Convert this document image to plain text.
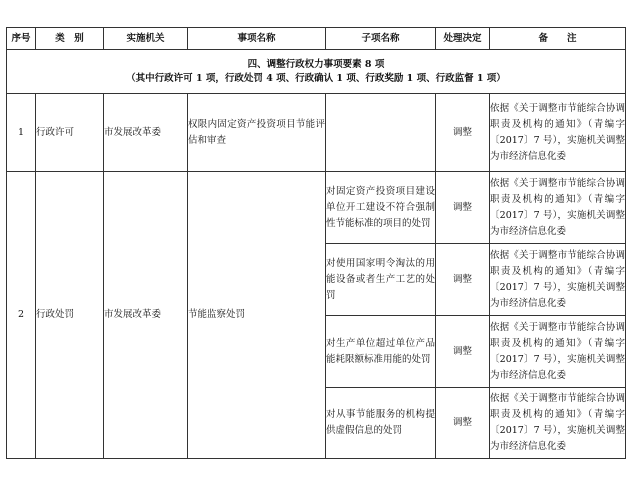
序号	类　别	实施机关	事项名称	子项名称	处理决定	备　　注

四、调整行政权力事项要素 8 项
（其中行政许可 1 项，行政处罚 4 项、行政确认 1 项、行政奖励 1 项、行政监督 1 项）						

1	行政许可	市发展改革委	权限内固定资产投资项目节能评估和审查		调整	依据《关于调整市节能综合协调职责及机构的通知》（青编字〔2017〕7 号），实施机关调整为市经济信息化委
2	行政处罚	市发展改革委	节能监察处罚	对固定资产投资项目建设单位开工建设不符合强制性节能标准的项目的处罚	调整	依据《关于调整市节能综合协调职责及机构的通知》（青编字〔2017〕7 号），实施机关调整为市经济信息化委
				对使用国家明令淘汰的用能设备或者生产工艺的处罚	调整	依据《关于调整市节能综合协调职责及机构的通知》（青编字〔2017〕7 号），实施机关调整为市经济信息化委
				对生产单位超过单位产品能耗限额标准用能的处罚	调整	依据《关于调整市节能综合协调职责及机构的通知》（青编字〔2017〕7 号），实施机关调整为市经济信息化委
				对从事节能服务的机构提供虚假信息的处罚	调整	依据《关于调整市节能综合协调职责及机构的通知》（青编字〔2017〕7 号），实施机关调整为市经济信息化委
